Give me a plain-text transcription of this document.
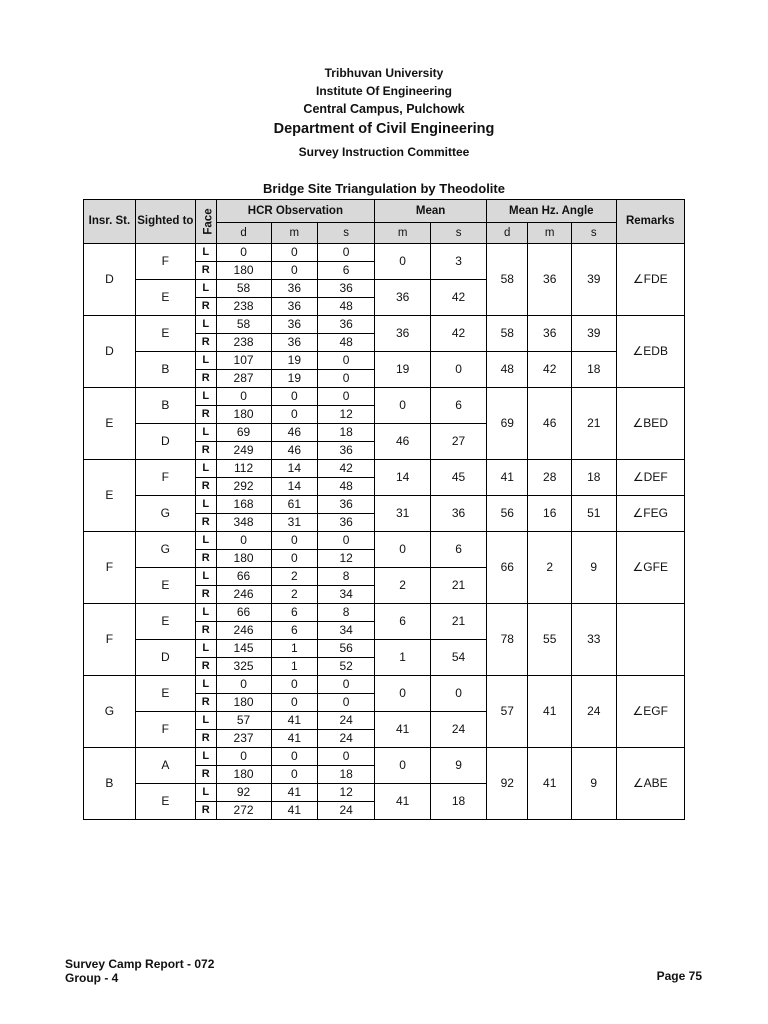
Tribhuvan University
Institute Of Engineering
Central Campus, Pulchowk
Department of Civil Engineering
Survey Instruction Committee
Bridge Site Triangulation by Theodolite
Insr. St.	Sighted to	Face	HCR Observation			Mean		Mean Hz. Angle			Remarks
			d	m	s	m	s	d	m	s	
D	F	L	0	0	0	0	3	58	36	39	∠FDE
		R	180	0	6						
	E	L	58	36	36	36	42				
		R	238	36	48						
D	E	L	58	36	36	36	42	58	36	39	∠EDB
		R	238	36	48						
	B	L	107	19	0	19	0	48	42	18	
		R	287	19	0						
E	B	L	0	0	0	0	6	69	46	21	∠BED
		R	180	0	12						
	D	L	69	46	18	46	27				
		R	249	46	36						
E	F	L	112	14	42	14	45	41	28	18	∠DEF
		R	292	14	48						
	G	L	168	61	36	31	36	56	16	51	∠FEG
		R	348	31	36						
F	G	L	0	0	0	0	6	66	2	9	∠GFE
		R	180	0	12						
	E	L	66	2	8	2	21				
		R	246	2	34						
F	E	L	66	6	8	6	21	78	55	33	
		R	246	6	34						
	D	L	145	1	56	1	54				
		R	325	1	52						
G	E	L	0	0	0	0	0	57	41	24	∠EGF
		R	180	0	0						
	F	L	57	41	24	41	24				
		R	237	41	24						
B	A	L	0	0	0	0	9	92	41	9	∠ABE
		R	180	0	18						
	E	L	92	41	12	41	18				
		R	272	41	24						
Survey Camp Report - 072
Group - 4	Page 75
